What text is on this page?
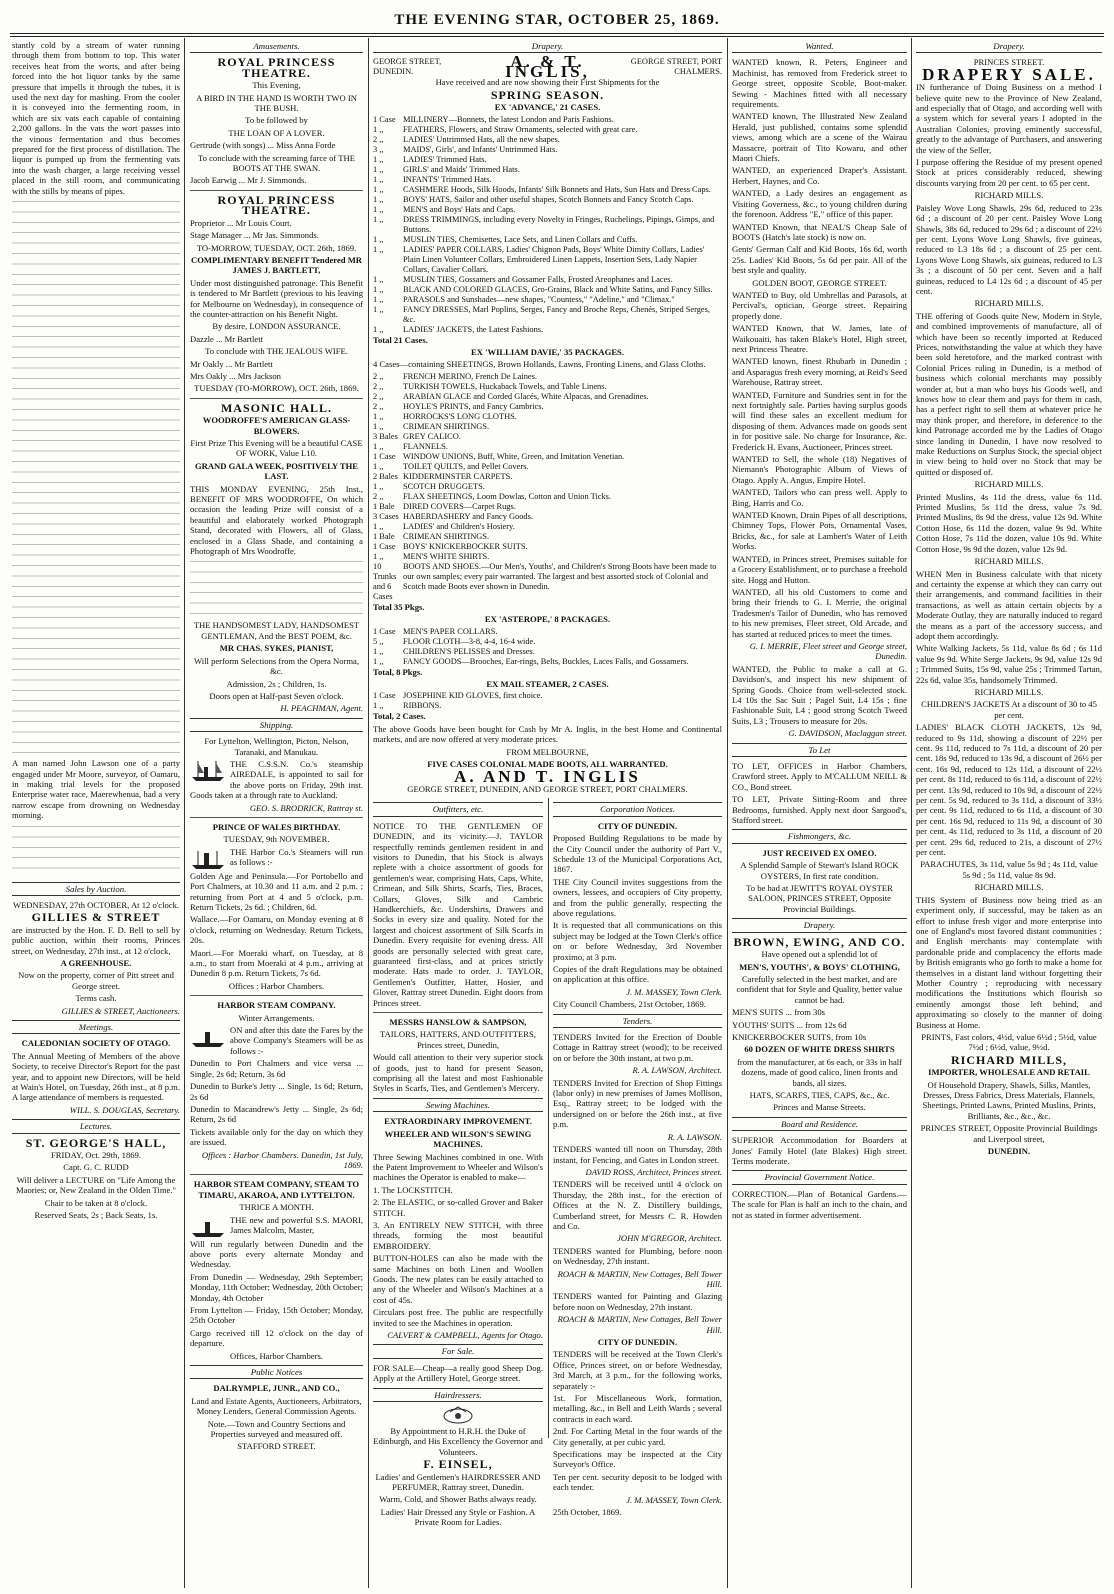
THE EVENING STAR, OCTOBER 25, 1869.

stantly cold by a stream of water running through them from bottom to top. This water receives heat from the worts, and after being forced into the hot liquor tanks by the same pressure that impells it through the tubes, it is used the next day for mashing. From the cooler it is conveyed into the fermenting room, in which are six vats each capable of containing 2,200 gallons. In the vats the wort passes into the vinous fermentation and thus becomes prepared for the first process of distillation. The liquor is pumped up from the fermenting vats into the wash charger, a large receiving vessel placed in the still room, and communicating with the stills by means of pipes.

A man named John Lawson one of a party engaged under Mr Moore, surveyor, of Oamaru, in making trial levels for the proposed Enterprise water race, Maerewhenua, had a very narrow escape from drowning on Wednesday morning.

Sales by Auction.

WEDNESDAY, 27th OCTOBER, At 12 o'clock.

GILLIES & STREET

are instructed by the Hon. F. D. Bell to sell by public auction, within their rooms, Princes street, on Wednesday, 27th inst., at 12 o'clock,

A GREENHOUSE.

Now on the property, corner of Pitt street and George street.

Terms cash.

GILLIES & STREET, Auctioneers.

Meetings.

CALEDONIAN SOCIETY OF OTAGO.

The Annual Meeting of Members of the above Society, to receive Director's Report for the past year, and to appoint new Directors, will be held at Wain's Hotel, on Tuesday, 26th inst., at 8 p.m. A large attendance of members is requested.

WILL. S. DOUGLAS, Secretary.

Lectures.

ST. GEORGE'S HALL,

FRIDAY, Oct. 29th, 1869.

Capt. G. C. RUDD

Will deliver a LECTURE on "Life Among the Maories; or, New Zealand in the Olden Time."

Chair to be taken at 8 o'clock.

Reserved Seats, 2s ; Back Seats, 1s.

Amusements.

ROYAL PRINCESS THEATRE.

This Evening,

A BIRD IN THE HAND IS WORTH TWO IN THE BUSH.

To be followed by

THE LOAN OF A LOVER.

Gertrude (with songs) ... Miss Anna Forde

To conclude with the screaming farce of THE BOOTS AT THE SWAN.

Jacob Earwig ... Mr J. Simmonds.

ROYAL PRINCESS THEATRE.

Proprietor ... Mr Louis Court.

Stage Manager ... Mr Jas. Simmonds.

TO-MORROW, TUESDAY, OCT. 26th, 1869.

COMPLIMENTARY BENEFIT Tendered MR JAMES J. BARTLETT,

Under most distinguished patronage. This Benefit is tendered to Mr Bartlett (previous to his leaving for Melbourne on Wednesday), in consequence of the counter-attraction on his Benefit Night.

By desire, LONDON ASSURANCE.

Dazzle ... Mr Bartlett

To conclude with THE JEALOUS WIFE.

Mr Oakly ... Mr Bartlett

Mrs Oakly ... Mrs Jackson

TUESDAY (TO-MORROW), OCT. 26th, 1869.

MASONIC HALL.

WOODROFFE'S AMERICAN GLASS-BLOWERS.

First Prize This Evening will be a beautiful CASE OF WORK, Value L10.

GRAND GALA WEEK, POSITIVELY THE LAST.

THIS MONDAY EVENING, 25th Inst., BENEFIT OF MRS WOODROFFE, On which occasion the leading Prize will consist of a beautiful and elaborately worked Photograph Stand, decorated with Flowers, all of Glass, enclosed in a Glass Shade, and containing a Photograph of Mrs Woodroffe.

THE HANDSOMEST LADY, HANDSOMEST GENTLEMAN, And the BEST POEM, &c.

MR CHAS. SYKES, PIANIST,

Will perform Selections from the Opera Norma, &c.

Admission, 2s ; Children, 1s.

Doors open at Half-past Seven o'clock.

H. PEACHMAN, Agent.

Shipping.

For Lyttelton, Wellington, Picton, Nelson, Taranaki, and Manukau.

THE C.S.S.N. Co.'s steamship AIREDALE, is appointed to sail for the above ports on Friday, 29th inst. Goods taken at a through rate to Auckland.

GEO. S. BRODRICK, Rattray st.

PRINCE OF WALES BIRTHDAY.

TUESDAY, 9th NOVEMBER.

THE Harbor Co.'s Steamers will run as follows :-

Golden Age and Peninsula.—For Portobello and Port Chalmers, at 10.30 and 11 a.m. and 2 p.m. ; returning from Port at 4 and 5 o'clock, p.m. Return Tickets, 2s 6d. ; Children, 6d.

Wallace.—For Oamaru, on Monday evening at 8 o'clock, returning on Wednesday. Return Tickets, 20s.

Maori.—For Moeraki wharf, on Tuesday, at 8 a.m., to start from Moeraki at 4 p.m., arriving at Dunedin 8 p.m. Return Tickets, 7s 6d.

Offices : Harbor Chambers.

HARBOR STEAM COMPANY.

Winter Arrangements.

ON and after this date the Fares by the above Company's Steamers will be as follows :-

Dunedin to Port Chalmers and vice versa ... Single, 2s 6d; Return, 3s 6d

Dunedin to Burke's Jetty ... Single, 1s 6d; Return, 2s 6d

Dunedin to Macandrew's Jetty ... Single, 2s 6d; Return, 2s 6d

Tickets available only for the day on which they are issued.

Offices : Harbor Chambers. Dunedin, 1st July, 1869.

HARBOR STEAM COMPANY, STEAM TO TIMARU, AKAROA, AND LYTTELTON.

THRICE A MONTH.

THE new and powerful S.S. MAORI, James Malcolm, Master,

Will run regularly between Dunedin and the above ports every alternate Monday and Wednesday.

From Dunedin — Wednesday, 29th September; Monday, 11th October; Wednesday, 20th October; Monday, 4th October

From Lyttelton — Friday, 15th October; Monday, 25th October

Cargo received till 12 o'clock on the day of departure.

Offices, Harbor Chambers.

Public Notices

DALRYMPLE, JUNR., AND CO.,

Land and Estate Agents, Auctioneers, Arbitrators, Money Lenders, General Commission Agents.

Note.—Town and Country Sections and Properties surveyed and measured off.

STAFFORD STREET.

Drapery.
GEORGE STREET, DUNEDIN.	A. & T. INGLIS,	GEORGE STREET, PORT CHALMERS.

Have received and are now showing their First Shipments for the

SPRING SEASON.

EX 'ADVANCE,' 21 CASES.

1 Case	MILLINERY—Bonnets, the latest London and Paris Fashions.
1 ,,	FEATHERS, Flowers, and Straw Ornaments, selected with great care.
2 ,,	LADIES' Untrimmed Hats, all the new shapes.
3 ,,	MAIDS', Girls', and Infants' Untrimmed Hats.
1 ,,	LADIES' Trimmed Hats.
1 ,,	GIRLS' and Maids' Trimmed Hats.
1 ,,	INFANTS' Trimmed Hats.
1 ,,	CASHMERE Hoods, Silk Hoods, Infants' Silk Bonnets and Hats, Sun Hats and Dress Caps.
1 ,,	BOYS' HATS, Sailor and other useful shapes, Scotch Bonnets and Fancy Scotch Caps.
1 ,,	MEN'S and Boys' Hats and Caps.
1 ,,	DRESS TRIMMINGS, including every Novelty in Fringes, Ruchelings, Pipings, Gimps, and Buttons.
1 ,,	MUSLIN TIES, Chemisettes, Lace Sets, and Linen Collars and Cuffs.
1 ,,	LADIES' PAPER COLLARS, Ladies' Chignon Pads, Boys' White Dimity Collars, Ladies' Plain Linen Volunteer Collars, Embroidered Linen Lappets, Insertion Sets, Lady Napier Collars, Cavalier Collars.
1 ,,	MUSLIN TIES, Gossamers and Gossamer Falls, Frosted Areophanes and Laces.
1 ,,	BLACK AND COLORED GLACES, Gro-Grains, Black and White Satins, and Fancy Silks.
1 ,,	PARASOLS and Sunshades—new shapes, "Countess," "Adeline," and "Climax."
1 ,,	FANCY DRESSES, Marl Poplins, Serges, Fancy and Broche Reps, Chenés, Striped Serges, &c.
1 ,,	LADIES' JACKETS, the Latest Fashions.

Total 21 Cases.

EX 'WILLIAM DAVIE,' 35 PACKAGES.

4 Cases—containing SHEETINGS, Brown Hollands, Lawns, Fronting Linens, and Glass Cloths.

2 ,,	FRENCH MERINO, French De Laines.
2 ,,	TURKISH TOWELS, Huckaback Towels, and Table Linens.
2 ,,	ARABIAN GLACE and Corded Glacés, White Alpacas, and Grenadines.
2 ,,	HOYLE'S PRINTS, and Fancy Cambrics.
1 ,,	HORROCKS'S LONG CLOTHS.
1 ,,	CRIMEAN SHIRTINGS.
3 Bales	GREY CALICO.
1 ,,	FLANNELS.
1 Case	WINDOW UNIONS, Buff, White, Green, and Imitation Venetian.
1 ,,	TOILET QUILTS, and Pellet Covers.
2 Bales	KIDDERMINSTER CARPETS.
1 ,,	SCOTCH DRUGGETS.
2 ,,	FLAX SHEETINGS, Loom Dowlas, Cotton and Union Ticks.
1 Bale	DIRED COVERS—Carpet Rugs.
3 Cases	HABERDASHERY and Fancy Goods.
1 ,,	LADIES' and Children's Hosiery.
1 Bale	CRIMEAN SHIRTINGS.
1 Case	BOYS' KNICKERBOCKER SUITS.
1 ,,	MEN'S WHITE SHIRTS.
10 Trunks and 6 Cases	BOOTS AND SHOES.—Our Men's, Youths', and Children's Strong Boots have been made to our own samples; every pair warranted. The largest and best assorted stock of Colonial and Scotch made Boots ever shown in Dunedin.

Total 35 Pkgs.

EX 'ASTEROPE,' 8 PACKAGES.

1 Case	MEN'S PAPER COLLARS.
5 ,,	FLOOR CLOTH—3-8, 4-4, 16-4 wide.
1 ,,	CHILDREN'S PELISSES and Dresses.
1 ,,	FANCY GOODS—Brooches, Ear-rings, Belts, Buckles, Laces Falls, and Gossamers.

Total, 8 Pkgs.

EX MAIL STEAMER, 2 CASES.

1 Case	JOSEPHINE KID GLOVES, first choice.
1 ,,	RIBBONS.

Total, 2 Cases.

The above Goods have been bought for Cash by Mr A. Inglis, in the best Home and Continental markets, and are now offered at very moderate prices.

FROM MELBOURNE,

FIVE CASES COLONIAL MADE BOOTS, ALL WARRANTED.

A. AND T. INGLIS

GEORGE STREET, DUNEDIN, AND GEORGE STREET, PORT CHALMERS.

Outfitters, etc.

NOTICE TO THE GENTLEMEN OF DUNEDIN, and its vicinity.—J. TAYLOR respectfully reminds gentlemen resident in and visitors to Dunedin, that his Stock is always replete with a choice assortment of goods for gentlemen's wear, comprising Hats, Caps, White, Crimean, and Silk Shirts, Scarfs, Ties, Braces, Collars, Gloves, Silk and Cambric Handkerchiefs, &c. Undershirts, Drawers and Socks in every size and quality. Noted for the largest and choicest assortment of Silk Scarfs in Dunedin. Every requisite for evening dress. All goods are personally selected with great care, guaranteed first-class, and at prices strictly moderate. Hats made to order. J. TAYLOR, Gentlemen's Outfitter, Hatter, Hosier, and Glover, Rattray street Dunedin. Eight doors from Princes street.

MESSRS HANSLOW & SAMPSON,

TAILORS, HATTERS, AND OUTFITTERS, Princes street, Dunedin,

Would call attention to their very superior stock of goods, just to hand for present Season, comprising all the latest and most Fashionable Styles in Scarfs, Ties, and Gentlemen's Mercery.

Sewing Machines.

EXTRAORDINARY IMPROVEMENT.

WHEELER AND WILSON'S SEWING MACHINES.

Three Sewing Machines combined in one. With the Patent Improvement to Wheeler and Wilson's machines the Operator is enabled to make—

1. The LOCKSTITCH.

2. The ELASTIC, or so-called Grover and Baker STITCH.

3. An ENTIRELY NEW STITCH, with three threads, forming the most beautiful EMBROIDERY.

BUTTON-HOLES can also be made with the same Machines on both Linen and Woollen Goods. The new plates can be easily attached to any of the Wheeler and Wilson's Machines at a cost of 45s.

Circulars post free. The public are respectfully invited to see the Machines in operation.

CALVERT & CAMPBELL, Agents for Otago.

For Sale.

FOR SALE—Cheap—a really good Sheep Dog. Apply at the Artillery Hotel, George street.

Hairdressers.

By Appointment to H.R.H. the Duke of Edinburgh, and His Excellency the Governor and Volunteers.

F. EINSEL,

Ladies' and Gentlemen's HAIRDRESSER AND PERFUMER, Rattray street, Dunedin.

Warm, Cold, and Shower Baths always ready.

Ladies' Hair Dressed any Style or Fashion. A Private Room for Ladies.

Corporation Notices.

CITY OF DUNEDIN.

Proposed Building Regulations to be made by the City Council under the authority of Part V., Schedule 13 of the Municipal Corporations Act, 1867.

THE City Council invites suggestions from the owners, lessees, and occupiers of City property, and from the public generally, respecting the above regulations.

It is requested that all communications on this subject may be lodged at the Town Clerk's office on or before Wednesday, 3rd November proximo, at 3 p.m.

Copies of the draft Regulations may be obtained on application at this office.

J. M. MASSEY, Town Clerk.

City Council Chambers, 21st October, 1869.

Tenders.

TENDERS Invited for the Erection of Double Cottage in Rattray street (wood); to be received on or before the 30th instant, at two p.m.

R. A. LAWSON, Architect.

TENDERS Invited for Erection of Shop Fittings (labor only) in new premises of James Mollison, Esq., Rattray street; to be lodged with the undersigned on or before the 26th inst., at five p.m.

R. A. LAWSON.

TENDERS wanted till noon on Thursday, 28th instant, for Fencing, and Gates in London street.

DAVID ROSS, Architect, Princes street.

TENDERS will be received until 4 o'clock on Thursday, the 28th inst., for the erection of Offices at the N. Z. Distillery buildings, Cumberland street, for Messrs C. R. Howden and Co.

JOHN M'GREGOR, Architect.

TENDERS wanted for Plumbing, before noon on Wednesday, 27th instant.

ROACH & MARTIN, New Cottages, Bell Tower Hill.

TENDERS wanted for Painting and Glazing before noon on Wednesday, 27th instant.

ROACH & MARTIN, New Cottages, Bell Tower Hill.

CITY OF DUNEDIN.

TENDERS will be received at the Town Clerk's Office, Princes street, on or before Wednesday, 3rd March, at 3 p.m., for the following works, separately :-

1st. For Miscellaneous Work, formation, metalling, &c., in Bell and Leith Wards ; several contracts in each ward.

2nd. For Carting Metal in the four wards of the City generally, at per cubic yard.

Specifications may be inspected at the City Surveyor's Office.

Ten per cent. security deposit to be lodged with each tender.

J. M. MASSEY, Town Clerk.

25th October, 1869.

Wanted.

WANTED known, R. Peters, Engineer and Machinist, has removed from Frederick street to George street, opposite Scoble, Boot-maker. Sewing - Machines fitted with all necessary requirements.

WANTED known, The Illustrated New Zealand Herald, just published, contains some splendid views, among which are a scene of the Wairau Massacre, portrait of Tito Kowaru, and other Maori Chiefs.

WANTED, an experienced Draper's Assistant. Herbert, Haynes, and Co.

WANTED, a Lady desires an engagement as Visiting Governess, &c., to young children during the forenoon. Address "E," office of this paper.

WANTED Known, that NEAL'S Cheap Sale of BOOTS (Hatch's late stock) is now on.

Gents' German Calf and Kid Boots, 16s 6d, worth 25s. Ladies' Kid Boots, 5s 6d per pair. All of the best style and quality.

GOLDEN BOOT, GEORGE STREET.

WANTED to Buy, old Umbrellas and Parasols, at Percival's, optician, George street. Repairing properly done.

WANTED Known, that W. James, late of Waikouaiti, has taken Blake's Hotel, High street, next Princess Theatre.

WANTED known, finest Rhubarb in Dunedin ; and Asparagus fresh every morning, at Reid's Seed Warehouse, Rattray street.

WANTED, Furniture and Sundries sent in for the next fortnightly sale. Parties having surplus goods will find these sales an excellent medium for disposing of them. Advances made on goods sent in for positive sale. No charge for Insurance, &c. Frederick H. Evans, Auctioneer, Princes street.

WANTED to Sell, the whole (18) Negatives of Niemann's Photographic Album of Views of Otago. Apply A. Angus, Empire Hotel.

WANTED, Tailors who can press well. Apply to Bing, Harris and Co.

WANTED Known, Drain Pipes of all descriptions, Chimney Tops, Flower Pots, Ornamental Vases, Bricks, &c., for sale at Lambert's Water of Leith Works.

WANTED, in Princes street, Premises suitable for a Grocery Establishment, or to purchase a freehold site. Hogg and Hutton.

WANTED, all his old Customers to come and bring their friends to G. I. Merrie, the original Tradesmen's Tailor of Dunedin, who has removed to his new premises, Fleet street, Old Arcade, and has started at reduced prices to meet the times.

G. I. MERRIE, Fleet street and George street, Dunedin.

WANTED, the Public to make a call at G. Davidson's, and inspect his new shipment of Spring Goods. Choice from well-selected stock. L4 10s the Sac Suit ; Pagel Suit, L4 15s ; fine Fashionable Suit, L4 ; good strong Scotch Tweed Suits, L3 ; Trousers to measure for 20s.

G. DAVIDSON, Maclaggan street.

To Let

TO LET, OFFICES in Harbor Chambers, Crawford street. Apply to M'CALLUM NEILL & CO., Bond street.

TO LET, Private Sitting-Room and three Bedrooms, furnished. Apply next door Sargood's, Stafford street.

Fishmongers, &c.

JUST RECEIVED EX OMEO.

A Splendid Sample of Stewart's Island ROCK OYSTERS, In first rate condition.

To be had at JEWITT'S ROYAL OYSTER SALOON, PRINCES STREET, Opposite Provincial Buildings.

Drapery.

BROWN, EWING, AND CO.

Have opened out a splendid lot of

MEN'S, YOUTHS', & BOYS' CLOTHING,

Carefully selected in the best market, and are confident that for Style and Quality, better value cannot be had.

MEN'S SUITS ... from 30s

YOUTHS' SUITS ... from 12s 6d

KNICKERBOCKER SUITS, from 10s

60 DOZEN OF WHITE DRESS SHIRTS

from the manufacturer, at 6s each, or 33s in half dozens, made of good calico, linen fronts and bands, all sizes.

HATS, SCARFS, TIES, CAPS, &c., &c.

Princes and Manse Streets.

Board and Residence.

SUPERIOR Accommodation for Boarders at Jones' Family Hotel (late Blakes) High street. Terms moderate.

Provincial Government Notice.

CORRECTION.—Plan of Botanical Gardens.—The scale for Plan is half an inch to the chain, and not as stated in former advertisement.

Drapery.

PRINCES STREET.

DRAPERY SALE.

IN furtherance of Doing Business on a method I believe quite new to the Province of New Zealand, and especially that of Otago, and according well with a system which for several years I adopted in the Australian Colonies, proving eminently successful, greatly to the advantage of Purchasers, and answering the view of the Seller,

I purpose offering the Residue of my present opened Stock at prices considerably reduced, shewing discounts varying from 20 per cent. to 65 per cent.

RICHARD MILLS.

Paisley Wove Long Shawls, 29s 6d, reduced to 23s 6d ; a discount of 20 per cent. Paisley Wove Long Shawls, 38s 6d, reduced to 29s 6d ; a discount of 22½ per cent. Lyons Wove Long Shawls, five guineas, reduced to L3 18s 6d ; a discount of 25 per cent. Lyons Wove Long Shawls, six guineas, reduced to L3 3s ; a discount of 50 per cent. Seven and a half guineas, reduced to L4 12s 6d ; a discount of 45 per cent.

RICHARD MILLS.

THE offering of Goods quite New, Modern in Style, and combined improvements of manufacture, all of which have been so recently imported at Reduced Prices, notwithstanding the value at which they have been sold heretofore, and the marked contrast with Colonial Prices ruling in Dunedin, is a method of business which colonial merchants may possibly wonder at, but a man who buys his Goods well, and knows how to clear them and pays for them in cash, has a perfect right to sell them at whatever price he may think proper, and therefore, in deference to the kind Patronage accorded me by the Ladies of Otago since landing in Dunedin, I have now resolved to make Reductions on Surplus Stock, the special object in view being to hold over no Stock that may be quitted or disposed of.

RICHARD MILLS.

Printed Muslins, 4s 11d the dress, value 6s 11d. Printed Muslins, 5s 11d the dress, value 7s 9d. Printed Muslins, 8s 9d the dress, value 12s 9d. White Cotton Hose, 6s 11d the dozen, value 9s 9d. White Cotton Hose, 7s 11d the dozen, value 10s 9d. White Cotton Hose, 9s 9d the dozen, value 12s 9d.

RICHARD MILLS.

WHEN Men in Business calculate with that nicety and certainty the expense at which they can carry out their arrangements, and command facilities in their transactions, as well as attain certain objects by a Moderate Outlay, they are naturally induced to regard the means as a part of the accessory success, and adopt them accordingly.

White Walking Jackets, 5s 11d, value 8s 6d ; 6s 11d value 9s 9d. White Serge Jackets, 9s 9d, value 12s 9d ; Trimmed Suits, 15s 9d, value 25s ; Trimmed Tartan, 22s 6d, value 35s, handsomely Trimmed.

RICHARD MILLS.

CHILDREN'S JACKETS At a discount of 30 to 45 per cent.

LADIES' BLACK CLOTH JACKETS, 12s 9d, reduced to 9s 11d, showing a discount of 22½ per cent. 9s 11d, reduced to 7s 11d, a discount of 20 per cent. 18s 9d, reduced to 13s 9d, a discount of 26½ per cent. 16s 9d, reduced to 12s 11d, a discount of 22½ per cent. 8s 11d, reduced to 6s 11d, a discount of 22½ per cent. 13s 9d, reduced to 10s 9d, a discount of 22½ per cent. 5s 9d, reduced to 3s 11d, a discount of 33½ per cent. 9s 11d, reduced to 6s 11d, a discount of 30 per cent. 16s 9d, reduced to 11s 9d, a discount of 30 per cent. 4s 11d, reduced to 3s 11d, a discount of 20 per cent. 29s 6d, reduced to 21s, a discount of 27½ per cent.

PARACHUTES, 3s 11d, value 5s 9d ; 4s 11d, value 5s 9d ; 5s 11d, value 8s 9d.

RICHARD MILLS.

THIS System of Business now being tried as an experiment only, if successful, may be taken as an effort to infuse fresh vigor and more enterprise into one of England's most favored distant communities ; and English merchants may contemplate with pardonable pride and complacency the efforts made by British emigrants who go forth to make a home for themselves in a distant land without forgetting their Mother Country ; reproducing with necessary modifications the Institutions which flourish so eminently amongst those left behind, and approximating so closely to the manner of doing Business at Home.

PRINTS, Fast colors, 4½d, value 6½d ; 5½d, value 7½d ; 6½d, value, 9½d.

RICHARD MILLS,

IMPORTER, WHOLESALE AND RETAIL

Of Household Drapery, Shawls, Silks, Mantles, Dresses, Dress Fabrics, Dress Materials, Flannels, Sheetings, Printed Lawns, Printed Muslins, Prints, Brilliants, &c., &c., &c.

PRINCES STREET, Opposite Provincial Buildings and Liverpool street,

DUNEDIN.
